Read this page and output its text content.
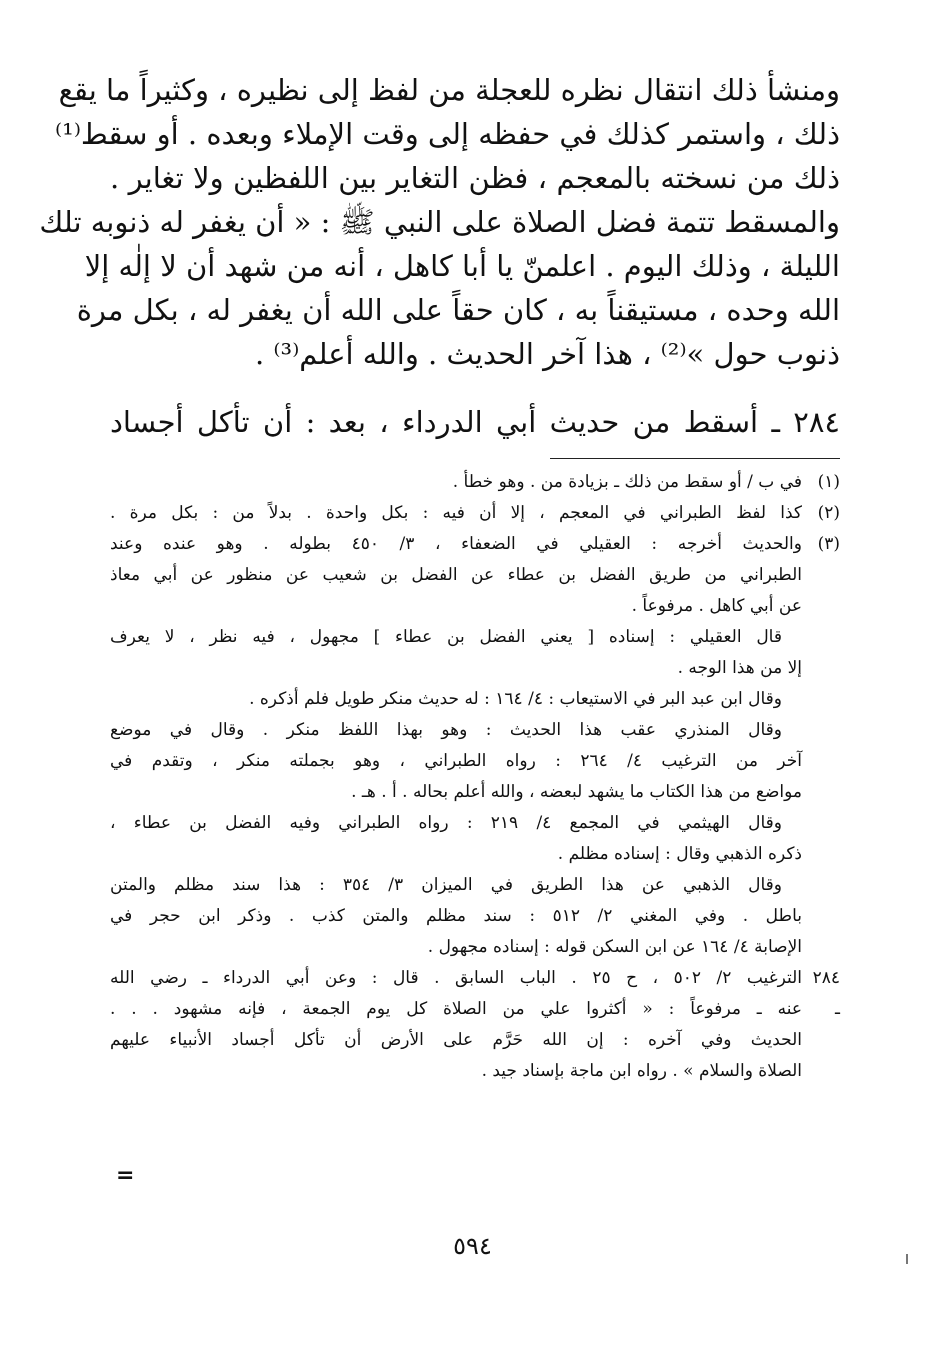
ومنشأ ذلك انتقال نظره للعجلة من لفظ إلى نظيره ، وكثيراً ما يقع
ذلك ، واستمر كذلك في حفظه إلى وقت الإملاء وبعده . أو سقط⁽¹⁾
ذلك من نسخته بالمعجم ، فظن التغاير بين اللفظين ولا تغاير .
والمسقط تتمة فضل الصلاة على النبي ﷺ : « أن يغفر له ذنوبه تلك
الليلة ، وذلك اليوم . اعلمنّ يا أبا كاهل ، أنه من شهد أن لا إلٰه إلا
الله وحده ، مستيقناً به ، كان حقاً على الله أن يغفر له ، بكل مرة
ذنوب حول »⁽²⁾ ، هذا آخر الحديث . والله أعلم⁽³⁾ .
٢٨٤ ـ أسقط من حديث أبي الدرداء ، بعد : أن تأكل أجساد
(١)
في ب / أو سقط من ذلك ـ بزيادة من . وهو خطأ .
(٢)
كذا لفظ الطبراني في المعجم ، إلا أن فيه : بكل واحدة . بدلاً من : بكل مرة .
(٣)
والحديث أخرجه : العقيلي في الضعفاء ، ٣/ ٤٥٠ بطوله . وهو عنده وعند
الطبراني من طريق الفضل بن عطاء عن الفضل بن شعيب عن منظور عن أبي معاذ
عن أبي كاهل . مرفوعاً .
قال العقيلي : إسناده [ يعني الفضل بن عطاء ] مجهول ، فيه نظر ، لا يعرف
إلا من هذا الوجه .
وقال ابن عبد البر في الاستيعاب : ٤/ ١٦٤ : له حديث منكر طويل فلم أذكره .
وقال المنذري عقب هذا الحديث : وهو بهذا اللفظ منكر . وقال في موضع
آخر من الترغيب ٤/ ٢٦٤ : رواه الطبراني ، وهو بجملته منكر ، وتقدم في
مواضع من هذا الكتاب ما يشهد لبعضه ، والله أعلم بحاله . أ . هـ .
وقال الهيثمي في المجمع ٤/ ٢١٩ : رواه الطبراني وفيه الفضل بن عطاء ،
ذكره الذهبي وقال : إسناده مظلم .
وقال الذهبي عن هذا الطريق في الميزان ٣/ ٣٥٤ : هذا سند مظلم والمتن
باطل . وفي المغني ٢/ ٥١٢ : سند مظلم والمتن كذب . وذكر ابن حجر في
الإصابة ٤/ ١٦٤ عن ابن السكن قوله : إسناده مجهول .
٢٨٤ ـ
الترغيب ٢/ ٥٠٢ ، ح ٢٥ . الباب السابق . قال : وعن أبي الدرداء ـ رضي الله
عنه ـ مرفوعاً : « أكثروا علي من الصلاة كل يوم الجمعة ، فإنه مشهود . . .
الحديث وفي آخره : إن الله حَرَّم على الأرض أن تأكل أجساد الأنبياء عليهم
الصلاة والسلام » . رواه ابن ماجة بإسناد جيد .
=
٥٩٤
